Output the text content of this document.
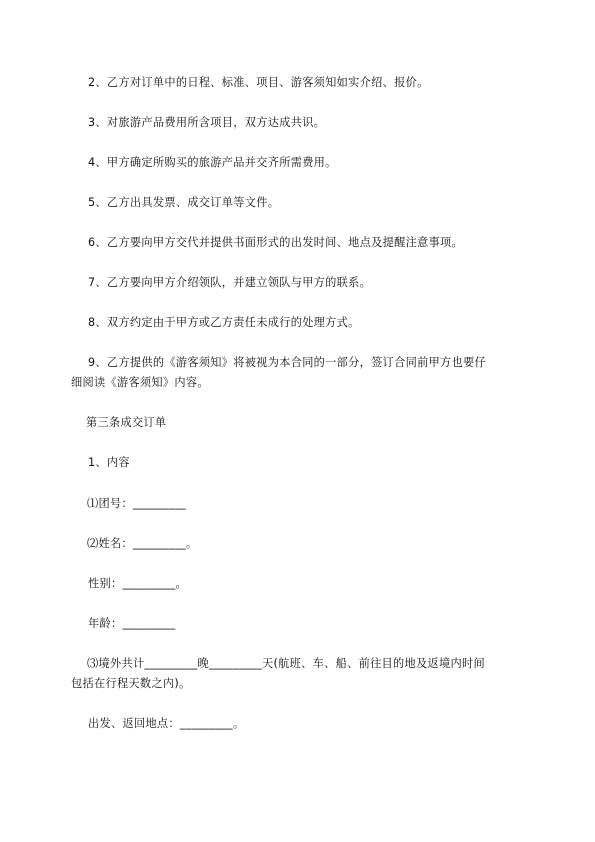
2、乙方对订单中的日程、标准、项目、游客须知如实介绍、报价。
3、对旅游产品费用所含项目，双方达成共识。
4、甲方确定所购买的旅游产品并交齐所需费用。
5、乙方出具发票、成交订单等文件。
6、乙方要向甲方交代并提供书面形式的出发时间、地点及提醒注意事项。
7、乙方要向甲方介绍领队，并建立领队与甲方的联系。
8、双方约定由于甲方或乙方责任未成行的处理方式。
9、乙方提供的《游客须知》将被视为本合同的一部分，签订合同前甲方也要仔
细阅读《游客须知》内容。
第三条成交订单
1、内容
⑴团号：_________
⑵姓名：_________。
性别：_________。
年龄：_________
⑶境外共计_________晚_________天(航班、车、船、前往目的地及返境内时间
包括在行程天数之内)。
出发、返回地点：_________。
